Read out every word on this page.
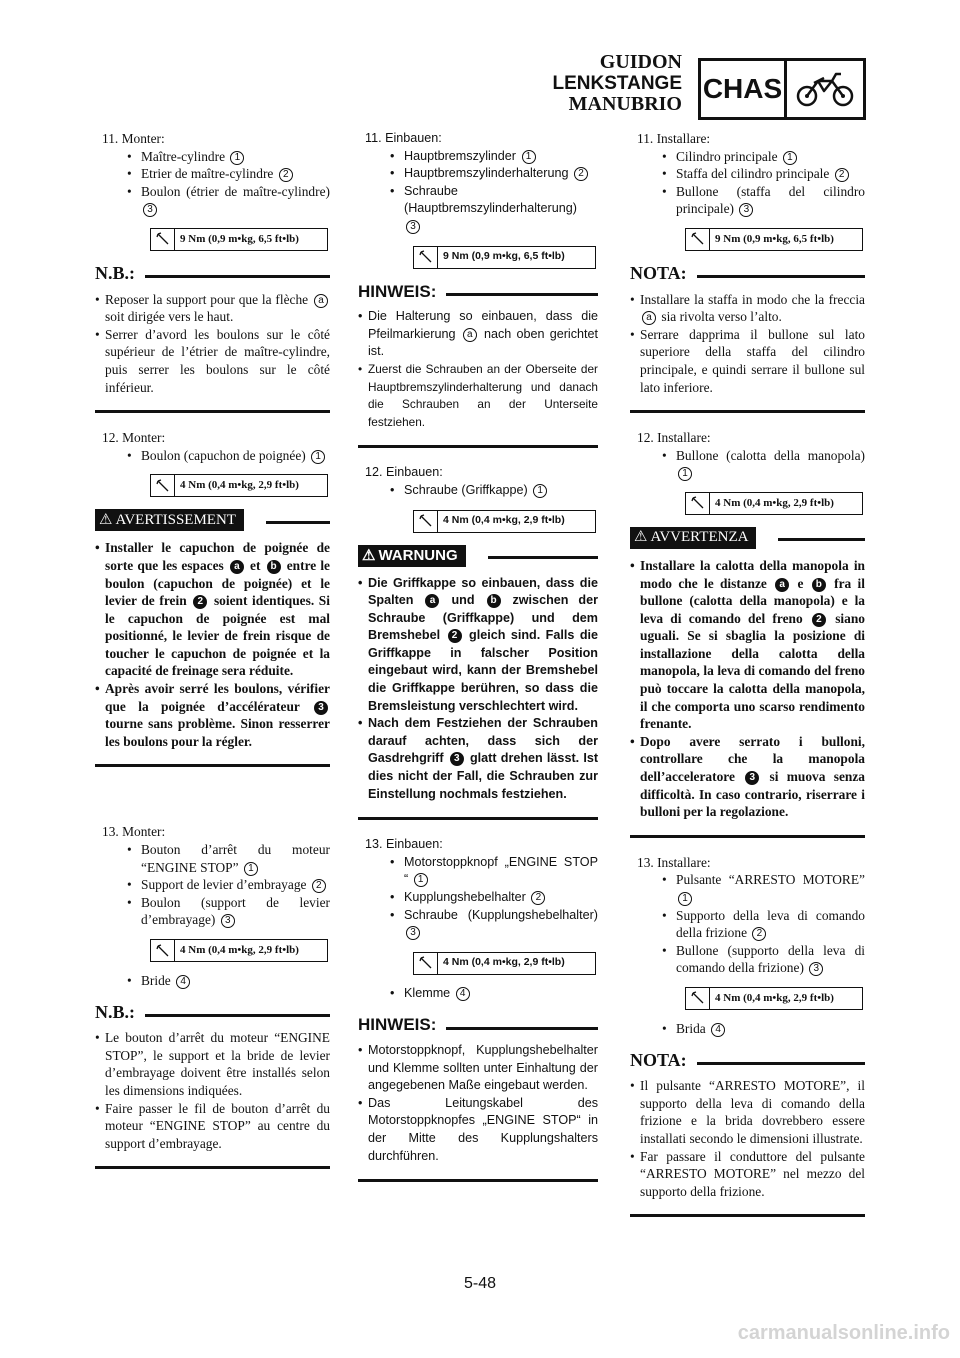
GUIDON
LENKSTANGE
MANUBRIO CHAS
11. Monter:
• Maître-cylindre 1
• Etrier de maître-cylindre 2
• Boulon (étrier de maître-cylindre) 3
9 Nm (0,9 m•kg, 6,5 ft•lb)
N.B.:
• Reposer la support pour que la flèche a soit dirigée vers le haut.
• Serrer d’avord les boulons sur le côté supérieur de l’étrier de maître-cylindre, puis serrer les boulons sur le côté inférieur.
12. Monter:
• Boulon (capuchon de poignée) 1
4 Nm (0,4 m•kg, 2,9 ft•lb)
⚠ AVERTISSEMENT
• Installer le capuchon de poignée de sorte que les espaces a et b entre le boulon (capuchon de poignée) et le levier de frein 2 soient identiques. Si le capuchon de poignée est mal positionné, le levier de frein risque de toucher le capuchon de poignée et la capacité de freinage sera réduite.
• Après avoir serré les boulons, vérifier que la poignée d’accélérateur 3 tourne sans problème. Sinon resserrer les boulons pour la régler.
13. Monter:
• Bouton d’arrêt du moteur “ENGINE STOP” 1
• Support de levier d’embrayage 2
• Boulon (support de levier d’embrayage) 3
4 Nm (0,4 m•kg, 2,9 ft•lb)
• Bride 4
N.B.:
• Le bouton d’arrêt du moteur “ENGINE STOP”, le support et la bride de levier d’embrayage doivent être installés selon les dimensions indiquées.
• Faire passer le fil de bouton d’arrêt du moteur “ENGINE STOP” au centre du support d’embrayage.
11. Einbauen:
• Hauptbremszylinder 1
• Hauptbremszylinderhalterung 2
• Schraube (Hauptbremszylinderhalterung) 3
9 Nm (0,9 m•kg, 6,5 ft•lb)
HINWEIS:
• Die Halterung so einbauen, dass die Pfeilmarkierung a nach oben gerichtet ist.
• Zuerst die Schrauben an der Oberseite der Hauptbremszylinderhalterung und danach die Schrauben an der Unterseite festziehen.
12. Einbauen:
• Schraube (Griffkappe) 1
4 Nm (0,4 m•kg, 2,9 ft•lb)
⚠ WARNUNG
• Die Griffkappe so einbauen, dass die Spalten a und b zwischen der Schraube (Griffkappe) und dem Bremshebel 2 gleich sind. Falls die Griffkappe in falscher Position eingebaut wird, kann der Bremshebel die Griffkappe berühren, so dass die Bremsleistung verschlechtert wird.
• Nach dem Festziehen der Schrauben darauf achten, dass sich der Gasdrehgriff 3 glatt drehen lässt. Ist dies nicht der Fall, die Schrauben zur Einstellung nochmals festziehen.
13. Einbauen:
• Motorstoppknopf „ENGINE STOP “ 1
• Kupplungshebelhalter 2
• Schraube (Kupplungshebelhalter) 3
4 Nm (0,4 m•kg, 2,9 ft•lb)
• Klemme 4
HINWEIS:
• Motorstoppknopf, Kupplungshebelhalter und Klemme sollten unter Einhaltung der angegebenen Maße eingebaut werden.
• Das Leitungskabel des Motorstoppknopfes „ENGINE STOP“ in der Mitte des Kupplungshalters durchführen.
11. Installare:
• Cilindro principale 1
• Staffa del cilindro principale 2
• Bullone (staffa del cilindro principale) 3
9 Nm (0,9 m•kg, 6,5 ft•lb)
NOTA:
• Installare la staffa in modo che la freccia a sia rivolta verso l’alto.
• Serrare dapprima il bullone sul lato superiore della staffa del cilindro principale, e quindi serrare il bullone sul lato inferiore.
12. Installare:
• Bullone (calotta della manopola) 1
4 Nm (0,4 m•kg, 2,9 ft•lb)
⚠ AVVERTENZA
• Installare la calotta della manopola in modo che le distanze a e b fra il bullone (calotta della manopola) e la leva di comando del freno 2 siano uguali. Se si sbaglia la posizione di installazione della calotta della manopola, la leva di comando del freno può toccare la calotta della manopola, il che comporta uno scarso rendimento frenante.
• Dopo avere serrato i bulloni, controllare che la manopola dell’acceleratore 3 si muova senza difficoltà. In caso contrario, riserrare i bulloni per la regolazione.
13. Installare:
• Pulsante “ARRESTO MOTORE” 1
• Supporto della leva di comando della frizione 2
• Bullone (supporto della leva di comando della frizione) 3
4 Nm (0,4 m•kg, 2,9 ft•lb)
• Brida 4
NOTA:
• Il pulsante “ARRESTO MOTORE”, il supporto della leva di comando della frizione e la brida dovrebbero essere installati secondo le dimensioni illustrate.
• Far passare il conduttore del pulsante “ARRESTO MOTORE” nel mezzo del supporto della frizione.
5-48
carmanualsonline.info
